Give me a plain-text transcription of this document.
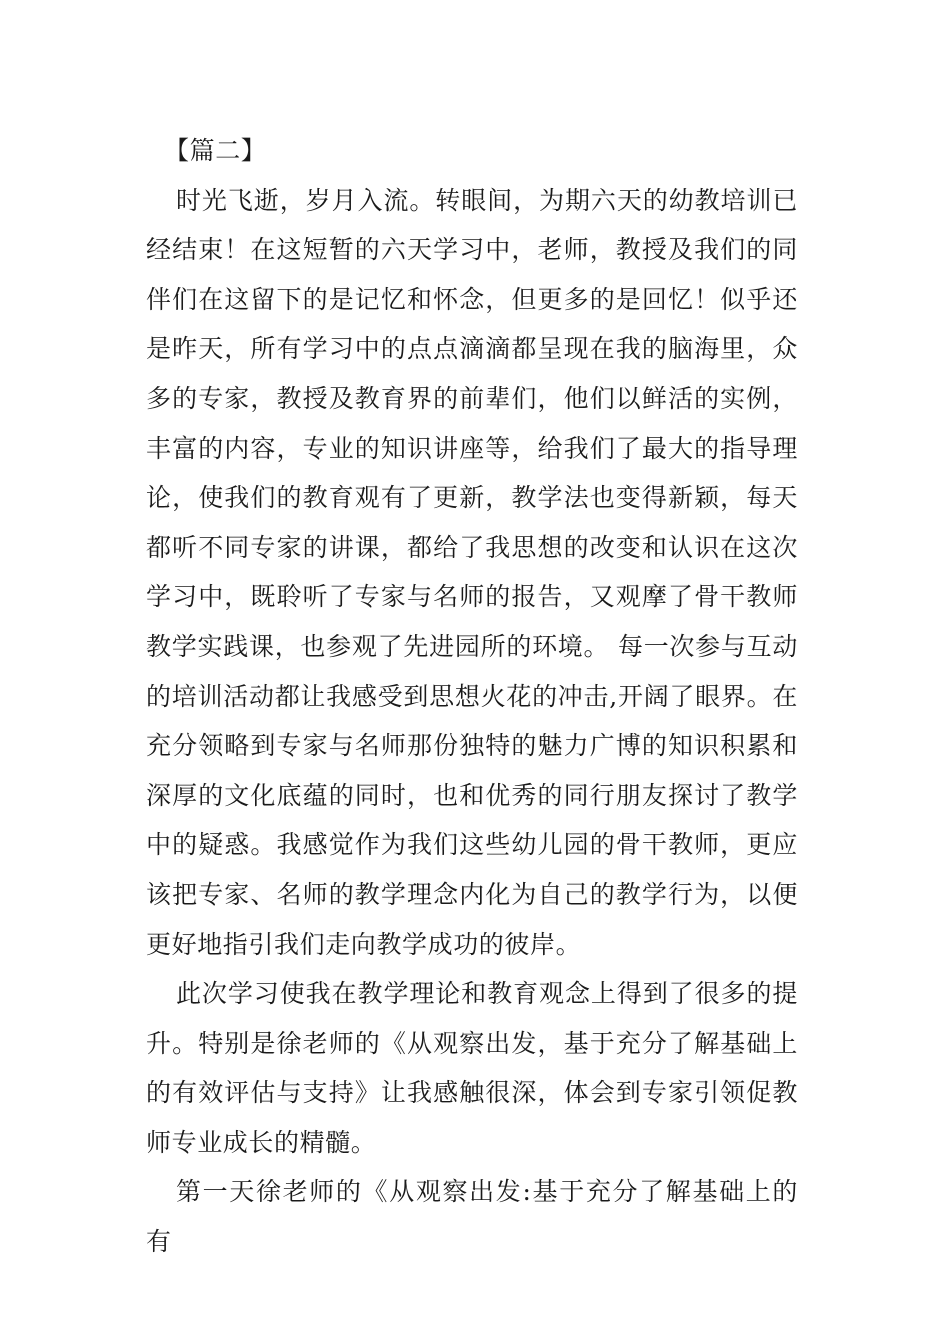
【篇二】

时光飞逝，岁月入流。转眼间，为期六天的幼教培训已经结束！在这短暂的六天学习中，老师，教授及我们的同伴们在这留下的是记忆和怀念，但更多的是回忆！似乎还是昨天，所有学习中的点点滴滴都呈现在我的脑海里，众多的专家，教授及教育界的前辈们，他们以鲜活的实例，丰富的内容，专业的知识讲座等，给我们了最大的指导理论，使我们的教育观有了更新，教学法也变得新颖，每天都听不同专家的讲课，都给了我思想的改变和认识在这次学习中，既聆听了专家与名师的报告，又观摩了骨干教师教学实践课，也参观了先进园所的环境。 每一次参与互动的培训活动都让我感受到思想火花的冲击,开阔了眼界。在充分领略到专家与名师那份独特的魅力广博的知识积累和深厚的文化底蕴的同时，也和优秀的同行朋友探讨了教学中的疑惑。我感觉作为我们这些幼儿园的骨干教师，更应该把专家、名师的教学理念内化为自己的教学行为，以便更好地指引我们走向教学成功的彼岸。

此次学习使我在教学理论和教育观念上得到了很多的提升。特别是徐老师的《从观察出发，基于充分了解基础上的有效评估与支持》让我感触很深，体会到专家引领促教师专业成长的精髓。

第一天徐老师的《从观察出发:基于充分了解基础上的有
